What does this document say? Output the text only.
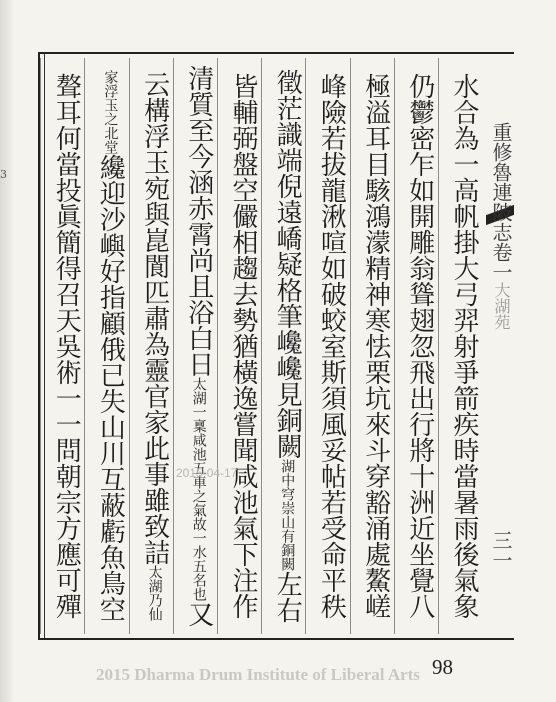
3	重修魯連陂志卷一大湖苑三一
水合為一高帆掛大弓羿射爭箭疾時當暑雨後氣象
仍鬱密乍如開雕翁聳翅忽飛出行將十洲近坐覺八
極溢耳目駭鴻濛精神寒怯栗坑來斗穿豁涌處鰲嵯
峰險若拔龍湫喧如破蛟室斯須風妥帖若受命平秩
徵茫識端倪遠嶠疑格筆巉巉見銅闕湖中穹崇山有銅闕左右
皆輔弼盤空儼相趨去勢猶橫逸嘗聞咸池氣下注作
清質至今涵赤霄尚且浴白日太湖一稟咸池五車之氣故一水五名也又
云構浮玉宛與崑閬匹肅為靈官家此事雖致詰太湖乃仙
家浮玉之北堂纔迎沙嶼好指顧俄已失山川互蔽虧魚鳥空
聱耳何當投眞簡得召天吳術一一問朝宗方應可殫	2015-04-17
2015 Dharma Drum Institute of Liberal Arts 98
